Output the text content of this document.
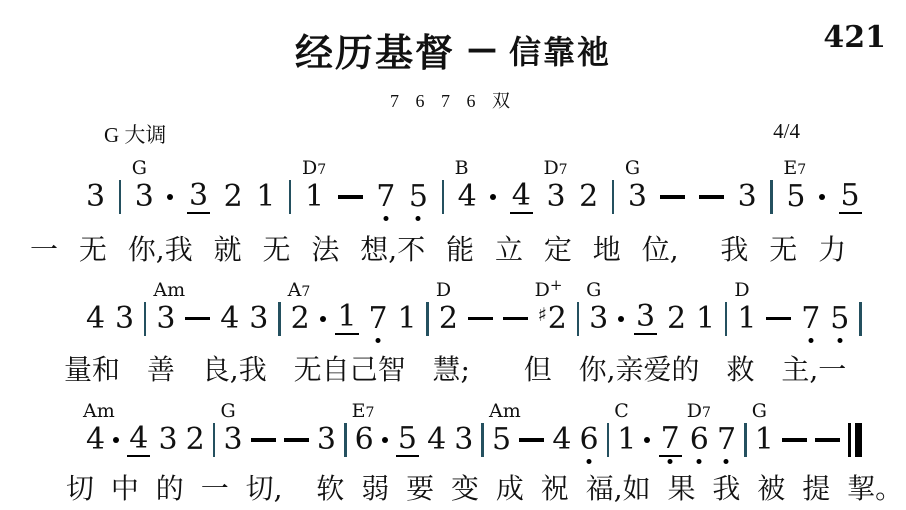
421
经历基督 — 信靠祂
7 6 7 6 双
G 大调	4/4
3 3
G
3 2 1 1
D7
7 5 4
B
4 3
D7
2 3
G
3 5
E7
5
一 无 你,我 就 无 法 想,不 能 立 定 地 位,  我 无 力
4 3 3
Am
4 3 2
A7
1 7 1 2
D
♯2
D+
3
G
3 2 1 1
D
7 5
量和 善 良,我 无自己智 慧;  但 你,亲爱的 救 主,一
4
Am
4 3 2 3
G
3 6
E7
5 4 3 5
Am
4 6 1
C
7 6
D7
7 1
G
切 中 的 一 切,  软 弱 要 变 成 祝 福,如 果 我 被 提 挈。
